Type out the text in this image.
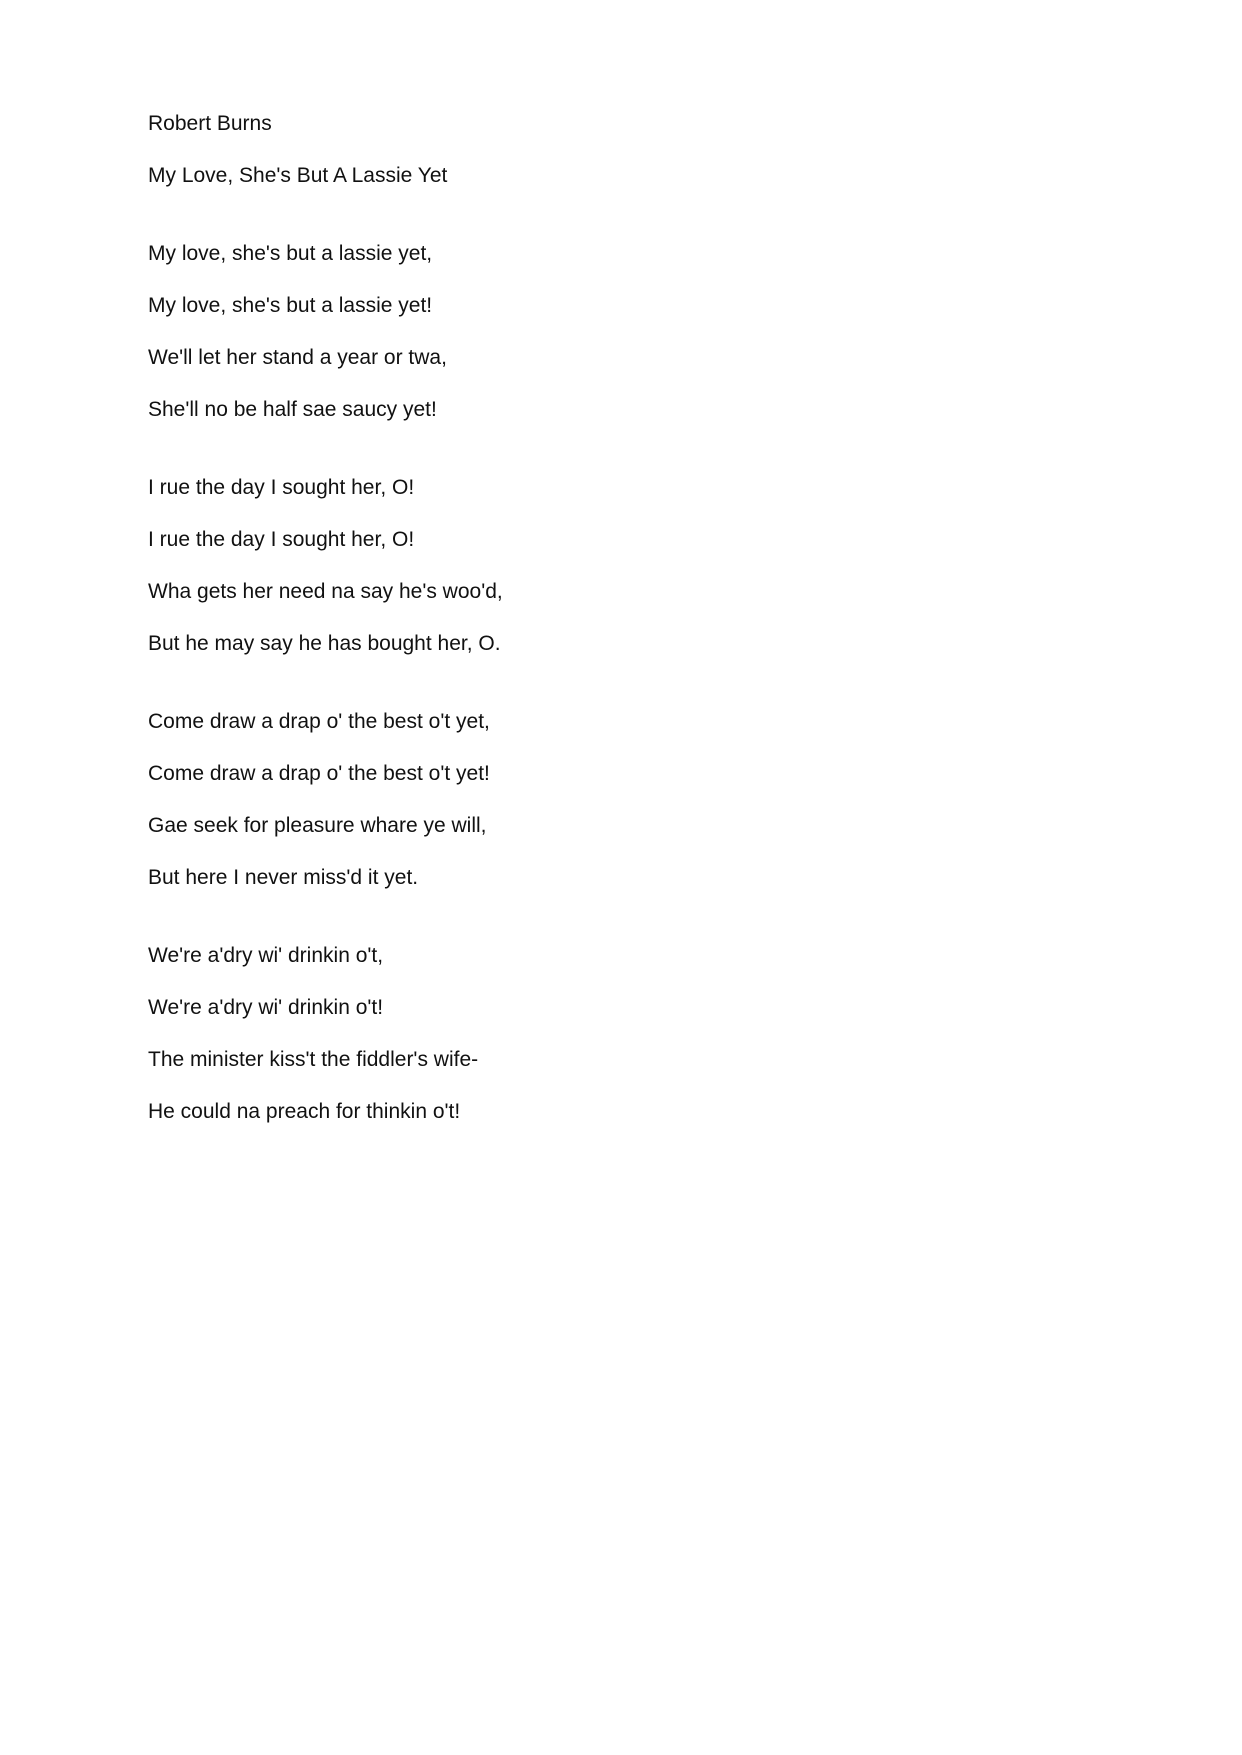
Robert Burns
My Love, She's But A Lassie Yet
My love, she's but a lassie yet,
My love, she's but a lassie yet!
We'll let her stand a year or twa,
She'll no be half sae saucy yet!
I rue the day I sought her, O!
I rue the day I sought her, O!
Wha gets her need na say he's woo'd,
But he may say he has bought her, O.
Come draw a drap o' the best o't yet,
Come draw a drap o' the best o't yet!
Gae seek for pleasure whare ye will,
But here I never miss'd it yet.
We're a'dry wi' drinkin o't,
We're a'dry wi' drinkin o't!
The minister kiss't the fiddler's wife-
He could na preach for thinkin o't!
